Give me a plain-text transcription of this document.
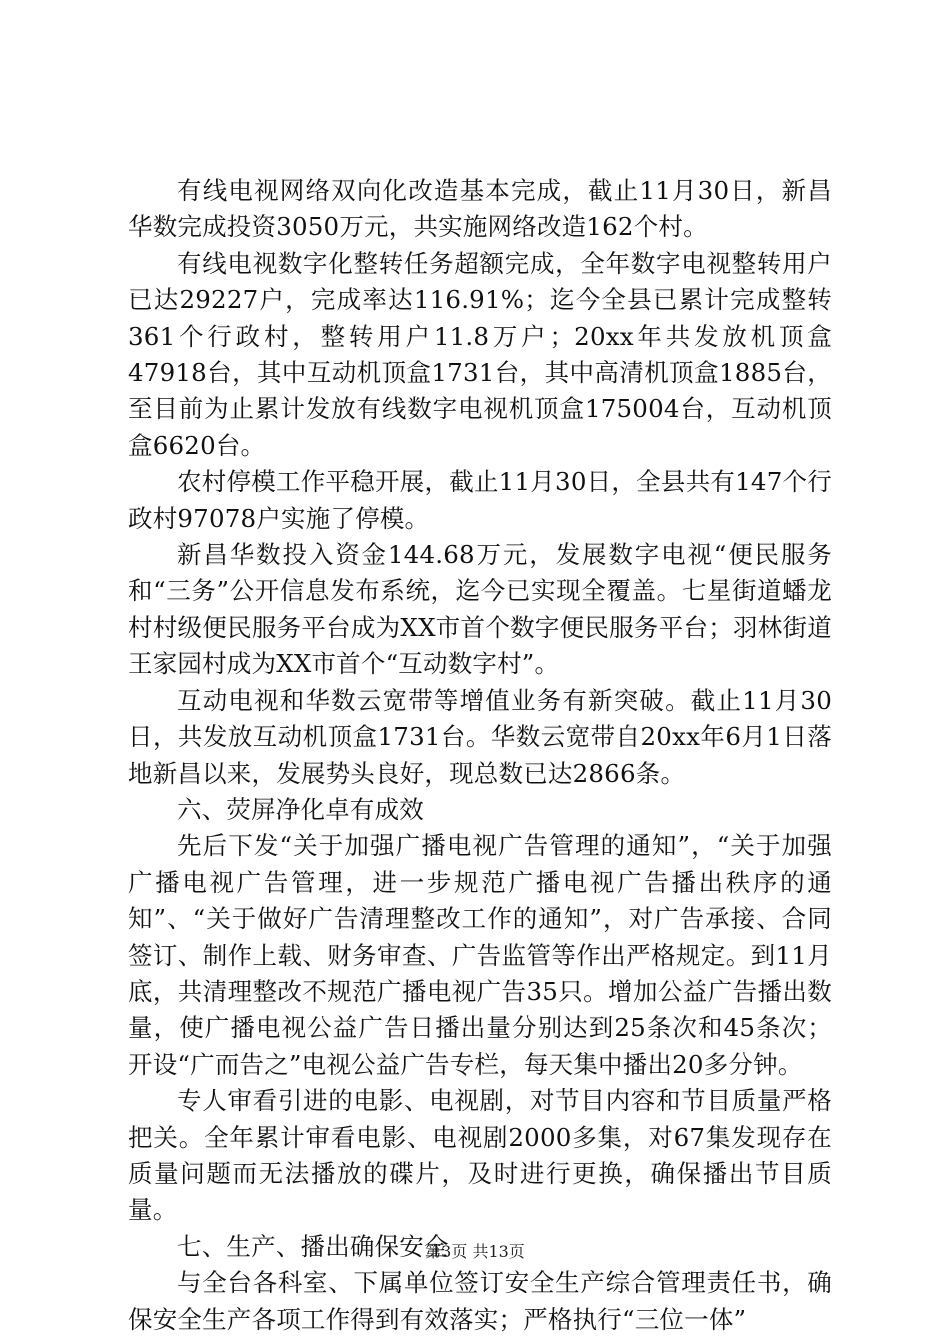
有线电视网络双向化改造基本完成，截止11月30日，新昌华数完成投资3050万元，共实施网络改造162个村。

有线电视数字化整转任务超额完成，全年数字电视整转用户已达29227户，完成率达116.91%；迄今全县已累计完成整转361个行政村，整转用户11.8万户；20xx年共发放机顶盒47918台，其中互动机顶盒1731台，其中高清机顶盒1885台，至目前为止累计发放有线数字电视机顶盒175004台，互动机顶盒6620台。

农村停模工作平稳开展，截止11月30日，全县共有147个行政村97078户实施了停模。

新昌华数投入资金144.68万元，发展数字电视“便民服务和“三务”公开信息发布系统，迄今已实现全覆盖。七星街道蟠龙村村级便民服务平台成为XX市首个数字便民服务平台；羽林街道王家园村成为XX市首个“互动数字村”。

互动电视和华数云宽带等增值业务有新突破。截止11月30日，共发放互动机顶盒1731台。华数云宽带自20xx年6月1日落地新昌以来，发展势头良好，现总数已达2866条。

六、荧屏净化卓有成效

先后下发“关于加强广播电视广告管理的通知”，“关于加强广播电视广告管理，进一步规范广播电视广告播出秩序的通知”、“关于做好广告清理整改工作的通知”，对广告承接、合同签订、制作上载、财务审查、广告监管等作出严格规定。到11月底，共清理整改不规范广播电视广告35只。增加公益广告播出数量，使广播电视公益广告日播出量分别达到25条次和45条次；开设“广而告之”电视公益广告专栏，每天集中播出20多分钟。

专人审看引进的电影、电视剧，对节目内容和节目质量严格把关。全年累计审看电影、电视剧2000多集，对67集发现存在质量问题而无法播放的碟片，及时进行更换，确保播出节目质量。

七、生产、播出确保安全

与全台各科室、下属单位签订安全生产综合管理责任书，确保安全生产各项工作得到有效落实；严格执行“三位一体”

第3页 共13页
